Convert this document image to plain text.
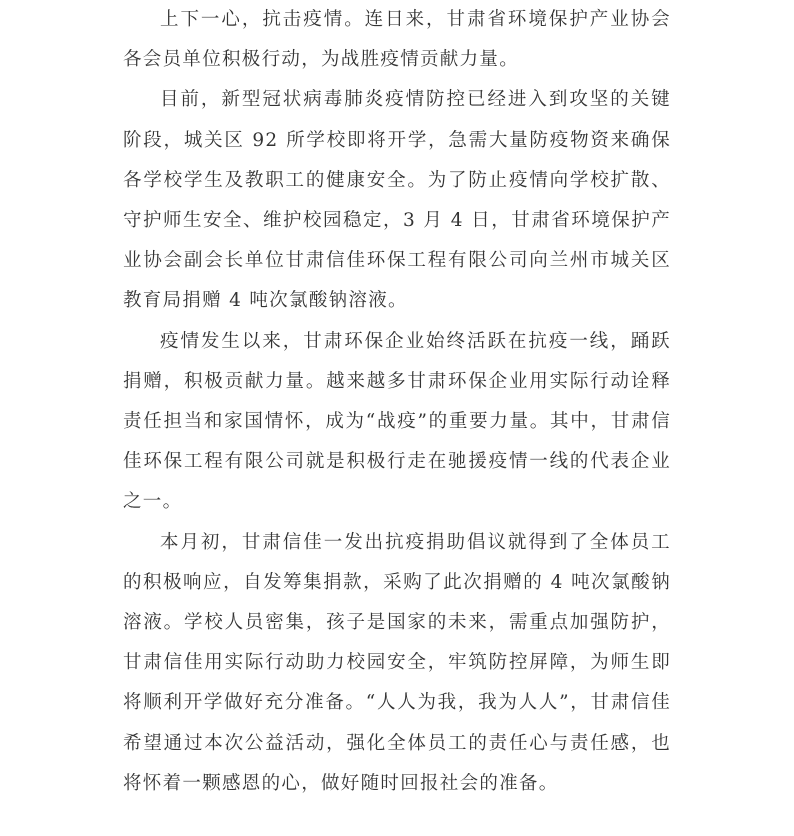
上下一心，抗击疫情。连日来，甘肃省环境保护产业协会各会员单位积极行动，为战胜疫情贡献力量。

目前，新型冠状病毒肺炎疫情防控已经进入到攻坚的关键阶段，城关区 92 所学校即将开学，急需大量防疫物资来确保各学校学生及教职工的健康安全。为了防止疫情向学校扩散、守护师生安全、维护校园稳定，3 月 4 日，甘肃省环境保护产业协会副会长单位甘肃信佳环保工程有限公司向兰州市城关区教育局捐赠 4 吨次氯酸钠溶液。

疫情发生以来，甘肃环保企业始终活跃在抗疫一线，踊跃捐赠，积极贡献力量。越来越多甘肃环保企业用实际行动诠释责任担当和家国情怀，成为“战疫”的重要力量。其中，甘肃信佳环保工程有限公司就是积极行走在驰援疫情一线的代表企业之一。

本月初，甘肃信佳一发出抗疫捐助倡议就得到了全体员工的积极响应，自发筹集捐款，采购了此次捐赠的 4 吨次氯酸钠溶液。学校人员密集，孩子是国家的未来，需重点加强防护，甘肃信佳用实际行动助力校园安全，牢筑防控屏障，为师生即将顺利开学做好充分准备。“人人为我，我为人人”，甘肃信佳希望通过本次公益活动，强化全体员工的责任心与责任感，也将怀着一颗感恩的心，做好随时回报社会的准备。
